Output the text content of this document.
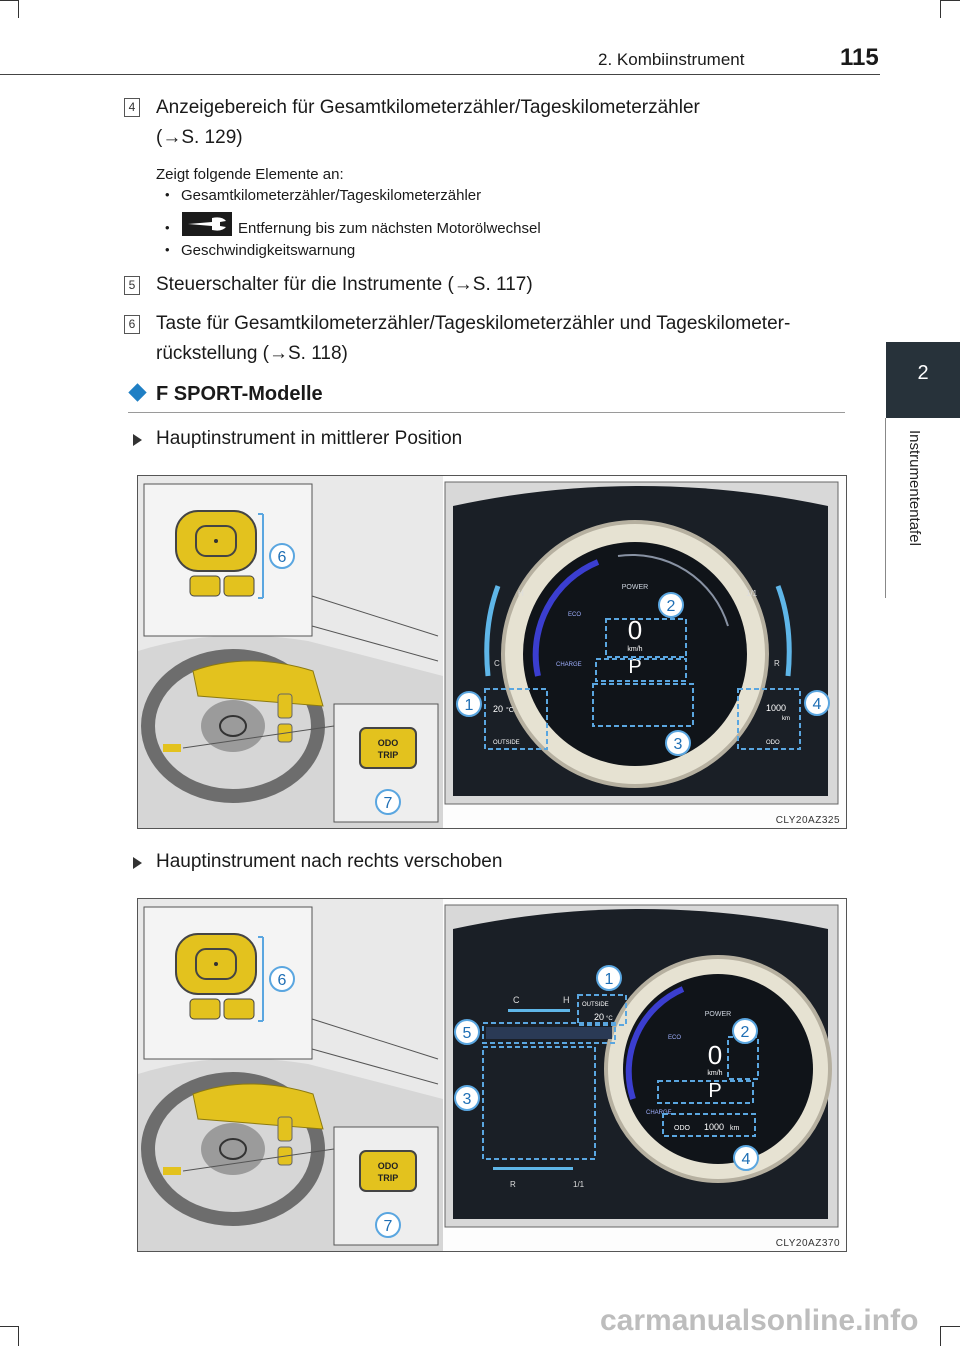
2. Kombiinstrument	115
2
Instrumententafel
4 Anzeigebereich für Gesamtkilometerzähler/Tageskilometerzähler
(→S. 129)
Zeigt folgende Elemente an:
• Gesamtkilometerzähler/Tageskilometerzähler
•	Entfernung bis zum nächsten Motorölwechsel
• Geschwindigkeitswarnung
5 Steuerschalter für die Instrumente (→S. 117)
6 Taste für Gesamtkilometerzähler/Tageskilometerzähler und Tageskilometer-
rückstellung (→S. 118)
F SPORT-Modelle
Hauptinstrument in mittlerer Position
ODO
TRIP
POWER
0
km/h
P
ECO
CHARGE
H
C
1/1
R
20 °C
OUTSIDE
1000
km
ODO
1
2
3
4
6
7
CLY20AZ325
Hauptinstrument nach rechts verschoben
ODO
TRIP
POWER
0
km/h
P
ECO
CHARGE
ODO 1000 km
C	H OUTSIDE
20 °C
R	1/1
1
2
3
4
5
6
7
CLY20AZ370
carmanualsonline.info
